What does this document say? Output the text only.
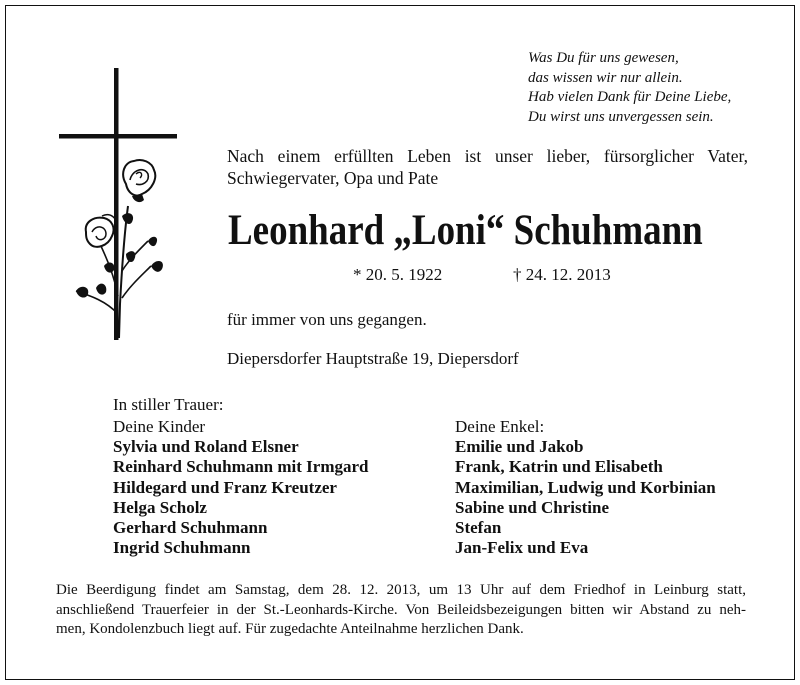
Was Du für uns gewesen,
das wissen wir nur allein.
Hab vielen Dank für Deine Liebe,
Du wirst uns unvergessen sein.
Nach einem erfüllten Leben ist unser lieber, fürsorglicher Vater, Schwiegervater, Opa und Pate
Leonhard „Loni“ Schuhmann
* 20. 5. 1922	† 24. 12. 2013
für immer von uns gegangen.
Diepersdorfer Hauptstraße 19, Diepersdorf
In stiller Trauer:
Deine Kinder
Sylvia und Roland Elsner
Reinhard Schuhmann mit Irmgard
Hildegard und Franz Kreutzer
Helga Scholz
Gerhard Schuhmann
Ingrid Schuhmann
Deine Enkel:
Emilie und Jakob
Frank, Katrin und Elisabeth
Maximilian, Ludwig und Korbinian
Sabine und Christine
Stefan
Jan-Felix und Eva
Die Beerdigung findet am Samstag, dem 28. 12. 2013, um 13 Uhr auf dem Friedhof in Leinburg statt,
anschließend Trauerfeier in der St.-Leonhards-Kirche. Von Beileidsbezeigungen bitten wir Abstand zu neh-
men, Kondolenzbuch liegt auf. Für zugedachte Anteilnahme herzlichen Dank.
